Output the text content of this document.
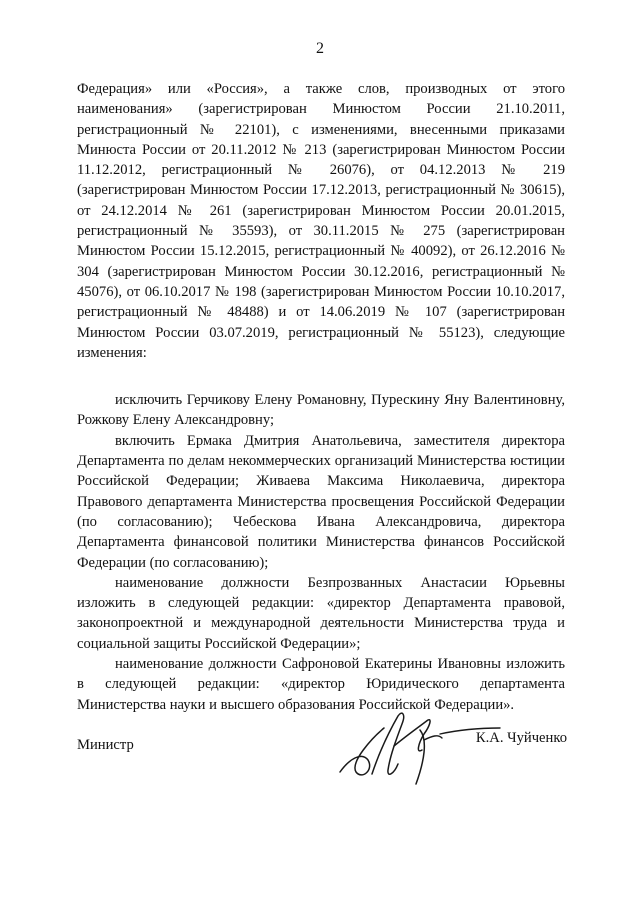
2

Федерация» или «Россия», а также слов, производных от этого наименования» (зарегистрирован Минюстом России 21.10.2011, регистрационный № 22101), с изменениями, внесенными приказами Минюста России от 20.11.2012 № 213 (зарегистрирован Минюстом России 11.12.2012, регистрационный № 26076), от 04.12.2013 № 219 (зарегистрирован Минюстом России 17.12.2013, регистрационный № 30615), от 24.12.2014 № 261 (зарегистрирован Минюстом России 20.01.2015, регистрационный № 35593), от 30.11.2015 № 275 (зарегистрирован Минюстом России 15.12.2015, регистрационный № 40092), от 26.12.2016 № 304 (зарегистрирован Минюстом России 30.12.2016, регистрационный № 45076), от 06.10.2017 № 198 (зарегистрирован Минюстом России 10.10.2017, регистрационный № 48488) и от 14.06.2019 № 107 (зарегистрирован Минюстом России 03.07.2019, регистрационный № 55123), следующие изменения:

исключить Герчикову Елену Романовну, Пурескину Яну Валентиновну, Рожкову Елену Александровну;

включить Ермака Дмитрия Анатольевича, заместителя директора Департамента по делам некоммерческих организаций Министерства юстиции Российской Федерации; Живаева Максима Николаевича, директора Правового департамента Министерства просвещения Российской Федерации (по согласованию); Чебескова Ивана Александровича, директора Департамента финансовой политики Министерства финансов Российской Федерации (по согласованию);

наименование должности Безпрозванных Анастасии Юрьевны изложить в следующей редакции: «директор Департамента правовой, законопроектной и международной деятельности Министерства труда и социальной защиты Российской Федерации»;

наименование должности Сафроновой Екатерины Ивановны изложить в следующей редакции: «директор Юридического департамента Министерства науки и высшего образования Российской Федерации».

Министр	К.А. Чуйченко
